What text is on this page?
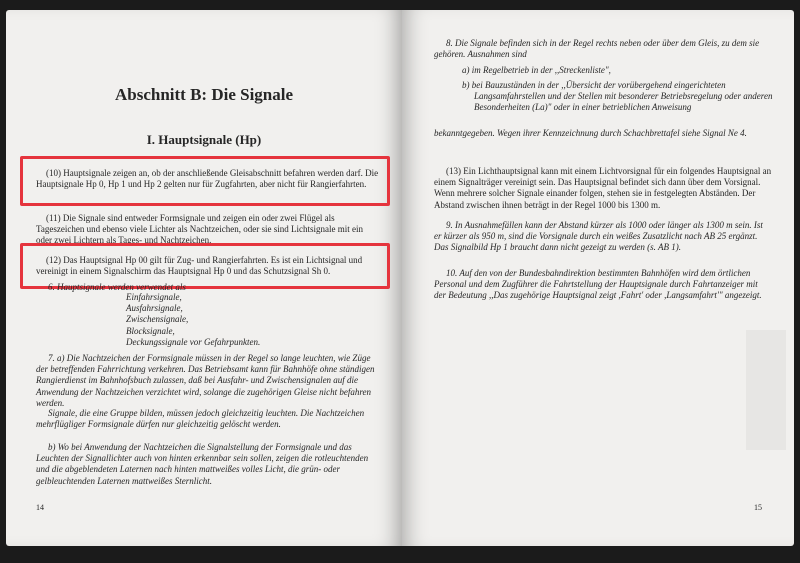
Abschnitt B: Die Signale
I. Hauptsignale (Hp)

(10) Hauptsignale zeigen an, ob der anschließende Gleisabschnitt befahren werden darf. Die Hauptsignale Hp 0, Hp 1 und Hp 2 gelten nur für Zugfahrten, aber nicht für Rangierfahrten.

(11) Die Signale sind entweder Formsignale und zeigen ein oder zwei Flügel als Tageszeichen und ebenso viele Lichter als Nachtzeichen, oder sie sind Lichtsignale mit ein oder zwei Lichtern als Tages- und Nachtzeichen.

(12) Das Hauptsignal Hp 00 gilt für Zug- und Rangierfahrten. Es ist ein Lichtsignal und vereinigt in einem Signalschirm das Hauptsignal Hp 0 und das Schutzsignal Sh 0.

6. Hauptsignale werden verwendet als

Einfahrsignale,
Ausfahrsignale,
Zwischensignale,
Blocksignale,
Deckungssignale vor Gefahrpunkten.

7. a) Die Nachtzeichen der Formsignale müssen in der Regel so lange leuchten, wie Züge der betreffenden Fahrrichtung verkehren. Das Betriebsamt kann für Bahnhöfe ohne ständigen Rangierdienst im Bahnhofsbuch zulassen, daß bei Ausfahr- und Zwischensignalen auf die Anwendung der Nachtzeichen verzichtet wird, solange die zugehörigen Gleise nicht befahren werden.

Signale, die eine Gruppe bilden, müssen jedoch gleichzeitig leuchten. Die Nachtzeichen mehrflügliger Formsignale dürfen nur gleichzeitig gelöscht werden.

b) Wo bei Anwendung der Nachtzeichen die Signalstellung der Formsignale und das Leuchten der Signallichter auch von hinten erkennbar sein sollen, zeigen die rotleuchtenden und die abgeblendeten Laternen nach hinten mattweißes volles Licht, die grün- oder gelbleuchtenden Laternen mattweißes Sternlicht.

14

8. Die Signale befinden sich in der Regel rechts neben oder über dem Gleis, zu dem sie gehören. Ausnahmen sind

a) im Regelbetrieb in der ,,Streckenliste",

b) bei Bauzuständen in der ,,Übersicht der vorübergehend eingerichteten Langsamfahrstellen und der Stellen mit besonderer Betriebsregelung oder anderen Besonderheiten (La)" oder in einer betrieblichen Anweisung

bekanntgegeben. Wegen ihrer Kennzeichnung durch Schachbrettafel siehe Signal Ne 4.

(13) Ein Lichthauptsignal kann mit einem Lichtvorsignal für ein folgendes Hauptsignal an einem Signalträger vereinigt sein. Das Hauptsignal befindet sich dann über dem Vorsignal. Wenn mehrere solcher Signale einander folgen, stehen sie in festgelegten Abständen. Der Abstand zwischen ihnen beträgt in der Regel 1000 bis 1300 m.

9. In Ausnahmefällen kann der Abstand kürzer als 1000 oder länger als 1300 m sein. Ist er kürzer als 950 m, sind die Vorsignale durch ein weißes Zusatzlicht nach AB 25 ergänzt. Das Signalbild Hp 1 braucht dann nicht gezeigt zu werden (s. AB 1).

10. Auf den von der Bundesbahndirektion bestimmten Bahnhöfen wird dem örtlichen Personal und dem Zugführer die Fahrtstellung der Hauptsignale durch Fahrtanzeiger mit der Bedeutung ,,Das zugehörige Hauptsignal zeigt ,Fahrt' oder ,Langsamfahrt'" angezeigt.

15
